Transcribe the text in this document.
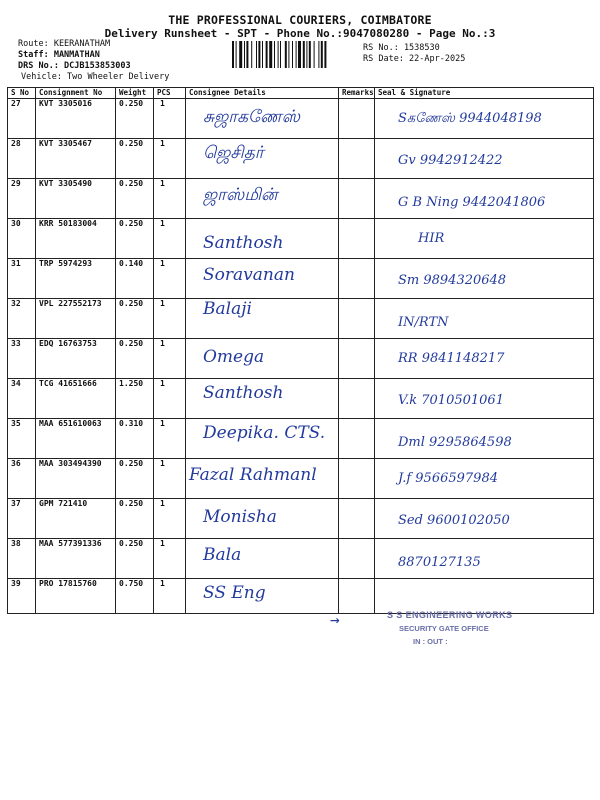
THE PROFESSIONAL COURIERS, COIMBATORE
Delivery Runsheet - SPT - Phone No.:9047080280 - Page No.:3
Route: KEERANATHAM
Staff: MANMATHAN
DRS No.: DCJB153853003
Vehicle: Two Wheeler Delivery
RS No.: 1538530
RS Date: 22-Apr-2025
S No	Consignment No	Weight	PCS	Consignee Details	Remarks	Seal & Signature
27	KVT 3305016	0.250	1	சுஜாகணேஸ்		Sகணேஸ் 9944048198

28	KVT 3305467	0.250	1	ஜெசிதர்		Gv 9942912422

29	KVT 3305490	0.250	1	ஜாஸ்மின்		G B Ning 9442041806

30	KRR 50183004	0.250	1	Santhosh		HIR

31	TRP 5974293	0.140	1	Soravanan		Sm 9894320648

32	VPL 227552173	0.250	1	Balaji		IN/RTN

33	EDQ 16763753	0.250	1	Omega		RR 9841148217

34	TCG 41651666	1.250	1	Santhosh		V.k 7010501061

35	MAA 651610063	0.310	1	Deepika. CTS.		Dml 9295864598

36	MAA 303494390	0.250	1	Fazal Rahmanl		J.f 9566597984

37	GPM 721410	0.250	1	Monisha		Sed 9600102050

38	MAA 577391336	0.250	1	Bala		8870127135

39	PRO 17815760	0.750	1	SS Eng		

→	S S ENGINEERING WORKS
SECURITY GATE OFFICE
IN : OUT :
